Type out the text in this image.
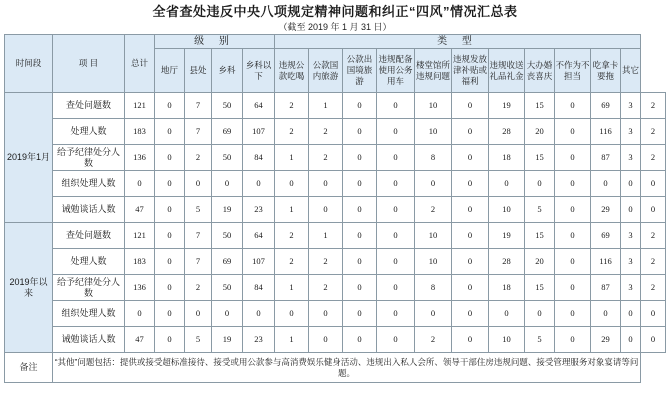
全省查处违反中央八项规定精神问题和纠正“四风”情况汇总表
（截至 2019 年 1 月 31 日）
时间段	项 目	总计	级 别				类 型											
			地厅	县处	乡科	乡科以下	违规公款吃喝	公款国内旅游	公款出国境旅游	违规配备使用公务用车	楼堂馆所违规问题	违规发放津补贴或福利	违规收送礼品礼金	大办婚丧喜庆	不作为不担当	吃拿卡要拖	其它	
2019年1月	查处问题数	121	0	7	50	64	2	1	0	0	10	0	19	15	0	69	3	2
	处理人数	183	0	7	69	107	2	2	0	0	10	0	28	20	0	116	3	2
	给予纪律处分人数	136	0	2	50	84	1	2	0	0	8	0	18	15	0	87	3	2
	组织处理人数	0	0	0	0	0	0	0	0	0	0	0	0	0	0	0	0	0
	诫勉谈话人数	47	0	5	19	23	1	0	0	0	2	0	10	5	0	29	0	0
2019年以来	查处问题数	121	0	7	50	64	2	1	0	0	10	0	19	15	0	69	3	2
	处理人数	183	0	7	69	107	2	2	0	0	10	0	28	20	0	116	3	2
	给予纪律处分人数	136	0	2	50	84	1	2	0	0	8	0	18	15	0	87	3	2
	组织处理人数	0	0	0	0	0	0	0	0	0	0	0	0	0	0	0	0	0
	诫勉谈话人数	47	0	5	19	23	1	0	0	0	2	0	10	5	0	29	0	0
备注	“其他”问题包括：提供或接受超标准接待、接受或用公款参与高消费娱乐健身活动、违规出入私人会所、领导干部住房违规问题、接受管理服务对象宴请等问题。																	
